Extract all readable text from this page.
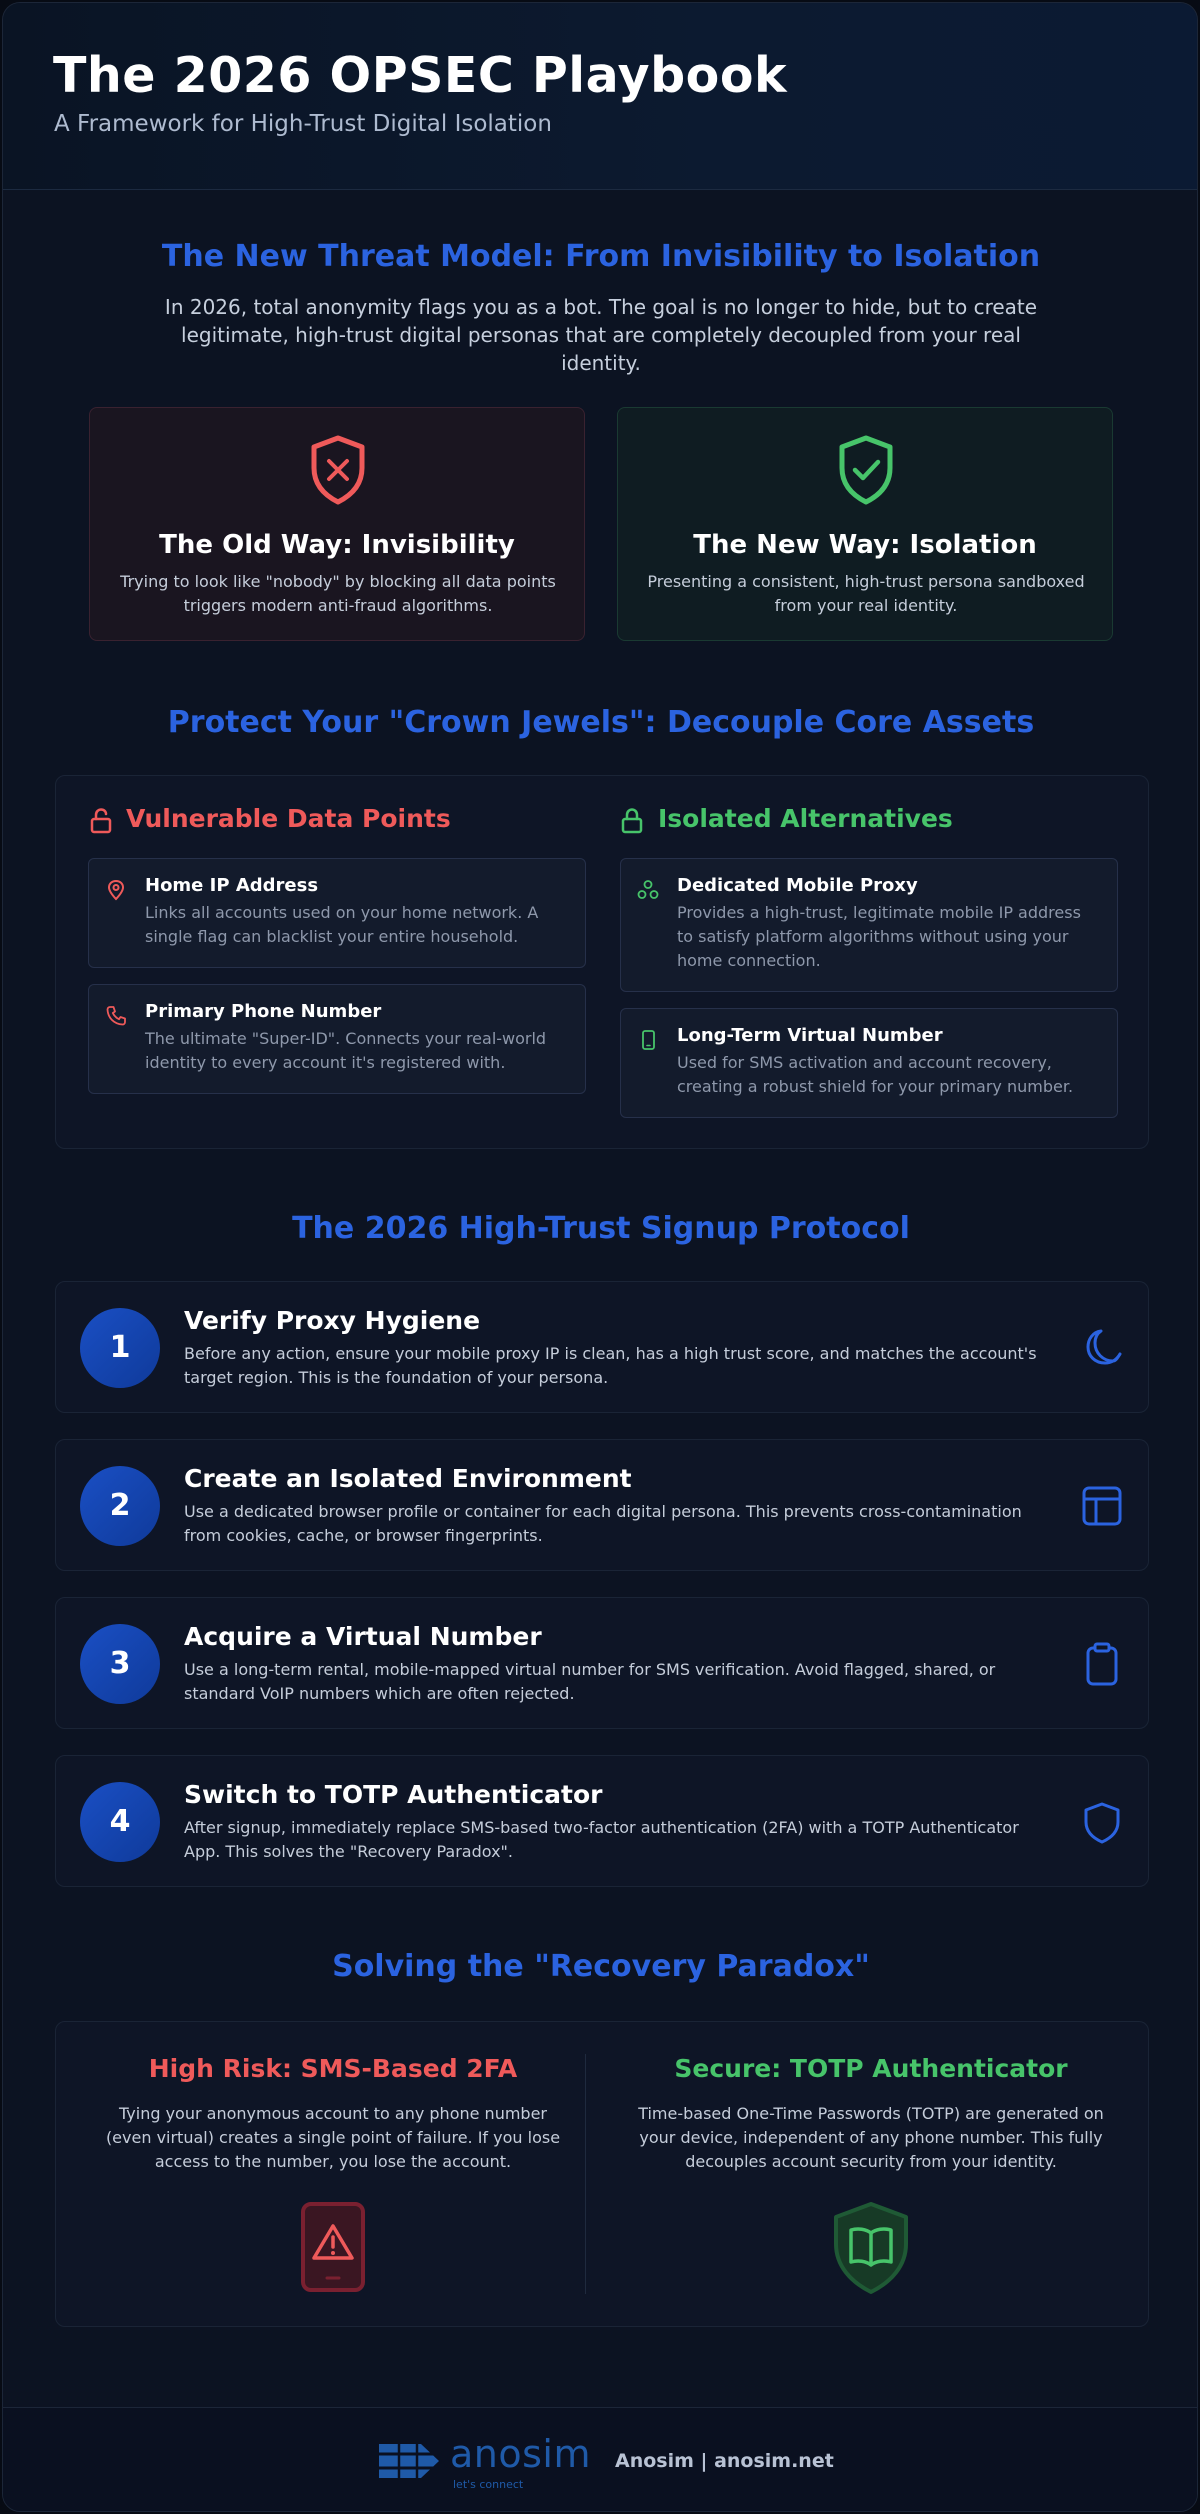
The 2026 OPSEC Playbook
A Framework for High-Trust Digital Isolation
The New Threat Model: From Invisibility to Isolation
In 2026, total anonymity flags you as a bot. The goal is no longer to hide, but to create legitimate, high-trust digital personas that are completely decoupled from your real identity.
The Old Way: Invisibility
Trying to look like "nobody" by blocking all data points triggers modern anti-fraud algorithms.
The New Way: Isolation
Presenting a consistent, high-trust persona sandboxed from your real identity.
Protect Your "Crown Jewels": Decouple Core Assets
Vulnerable Data Points	Isolated Alternatives
Home IP Address
Links all accounts used on your home network. A single flag can blacklist your entire household.
Primary Phone Number
The ultimate "Super-ID". Connects your real-world identity to every account it's registered with.
Dedicated Mobile Proxy
Provides a high-trust, legitimate mobile IP address to satisfy platform algorithms without using your home connection.
Long-Term Virtual Number
Used for SMS activation and account recovery, creating a robust shield for your primary number.
The 2026 High-Trust Signup Protocol
1
Verify Proxy Hygiene
Before any action, ensure your mobile proxy IP is clean, has a high trust score, and matches the account's target region. This is the foundation of your persona.
2
Create an Isolated Environment
Use a dedicated browser profile or container for each digital persona. This prevents cross-contamination from cookies, cache, or browser fingerprints.
3
Acquire a Virtual Number
Use a long-term rental, mobile-mapped virtual number for SMS verification. Avoid flagged, shared, or standard VoIP numbers which are often rejected.
4
Switch to TOTP Authenticator
After signup, immediately replace SMS-based two-factor authentication (2FA) with a TOTP Authenticator App. This solves the "Recovery Paradox".
Solving the "Recovery Paradox"
High Risk: SMS-Based 2FA
Tying your anonymous account to any phone number (even virtual) creates a single point of failure. If you lose access to the number, you lose the account.
Secure: TOTP Authenticator
Time-based One-Time Passwords (TOTP) are generated on your device, independent of any phone number. This fully decouples account security from your identity.
anosim
let's connect
Anosim | anosim.net
